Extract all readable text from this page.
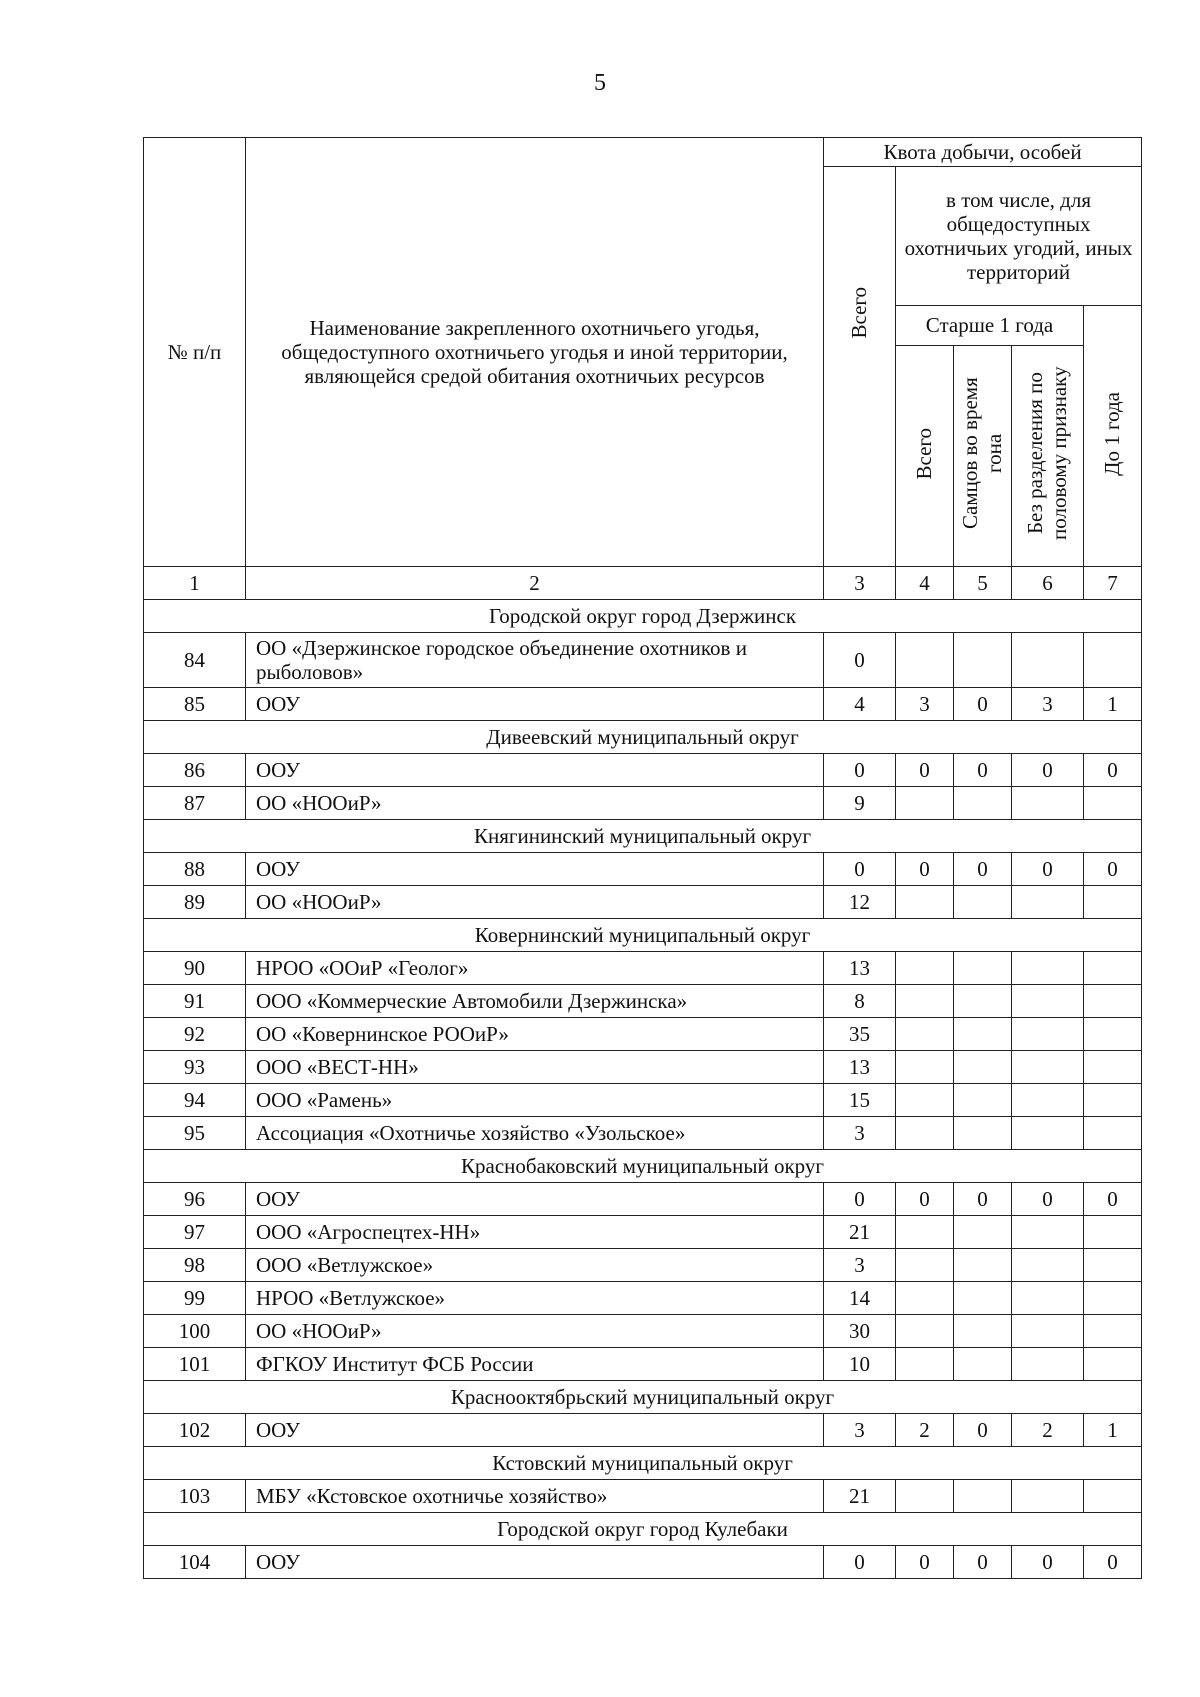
5
№ п/п	Наименование закрепленного охотничьего угодья, общедоступного охотничьего угодья и иной территории, являющейся средой обитания охотничьих ресурсов	Квота добычи, особей				
		Всего	в том числе, для общедоступных охотничьих угодий, иных территорий			
			Старше 1 года			До 1 года
			Всего	Самцов во время гона	Без разделения по половому признаку	
1	2	3	4	5	6	7
Городской округ город Дзержинск						
84	ОО «Дзержинское городское объединение охотников и рыболовов»	0				
85	ООУ	4	3	0	3	1
Дивеевский муниципальный округ						
86	ООУ	0	0	0	0	0
87	ОО «НООиР»	9				
Княгининский муниципальный округ						
88	ООУ	0	0	0	0	0
89	ОО «НООиР»	12				
Ковернинский муниципальный округ						
90	НРОО «ООиР «Геолог»	13				
91	ООО «Коммерческие Автомобили Дзержинска»	8				
92	ОО «Ковернинское РООиР»	35				
93	ООО «ВЕСТ-НН»	13				
94	ООО «Рамень»	15				
95	Ассоциация «Охотничье хозяйство «Узольское»	3				
Краснобаковский муниципальный округ						
96	ООУ	0	0	0	0	0
97	ООО «Агроспецтех-НН»	21				
98	ООО «Ветлужское»	3				
99	НРОО «Ветлужское»	14				
100	ОО «НООиР»	30				
101	ФГКОУ Институт ФСБ России	10				
Краснооктябрьский муниципальный округ						
102	ООУ	3	2	0	2	1
Кстовский муниципальный округ						
103	МБУ «Кстовское охотничье хозяйство»	21				
Городской округ город Кулебаки						
104	ООУ	0	0	0	0	0
